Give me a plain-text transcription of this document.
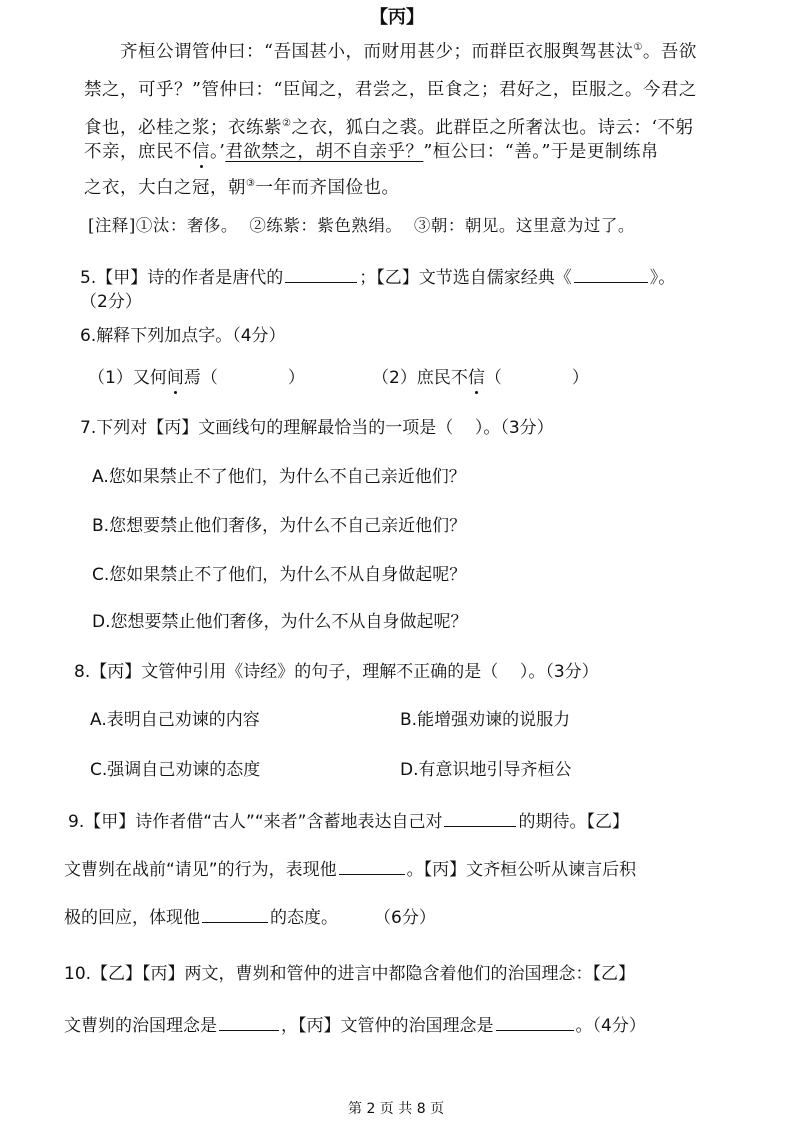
【丙】
齐桓公谓管仲曰：“吾国甚小，而财用甚少；而群臣衣服舆驾甚汰①。吾欲
禁之，可乎？”管仲曰：“臣闻之，君尝之，臣食之；君好之，臣服之。今君之
食也，必桂之浆；衣练紫②之衣，狐白之裘。此群臣之所奢汰也。诗云：‘不躬
不亲，庶民不信。’君欲禁之，胡不自亲乎？”桓公曰：“善。”于是更制练帛
之衣，大白之冠，朝③一年而齐国俭也。
[注释]①汰：奢侈。  ②练紫：紫色熟绢。  ③朝：朝见。这里意为过了。
5.【甲】诗的作者是唐代的	；【乙】文节选自儒家经典《	》。
（2分）
6.解释下列加点字。（4分）
（1）又何间焉（	）	（2）庶民不信（	）
7.下列对【丙】文画线句的理解最恰当的一项是（    ）。（3分）
A.您如果禁止不了他们，为什么不自己亲近他们？
B.您想要禁止他们奢侈，为什么不自己亲近他们？
C.您如果禁止不了他们，为什么不从自身做起呢？
D.您想要禁止他们奢侈，为什么不从自身做起呢？
8.【丙】文管仲引用《诗经》的句子，理解不正确的是（    ）。（3分）
A.表明自己劝谏的内容	B.能增强劝谏的说服力
C.强调自己劝谏的态度	D.有意识地引导齐桓公
9.【甲】诗作者借“古人”“来者”含蓄地表达自己对	的期待。【乙】
文曹刿在战前“请见”的行为，表现他	。【丙】文齐桓公听从谏言后积
极的回应，体现他	的态度。 （6分）
10.【乙】【丙】两文，曹刿和管仲的进言中都隐含着他们的治国理念：【乙】
文曹刿的治国理念是	，【丙】文管仲的治国理念是	。（4分）
第 2 页 共 8 页
